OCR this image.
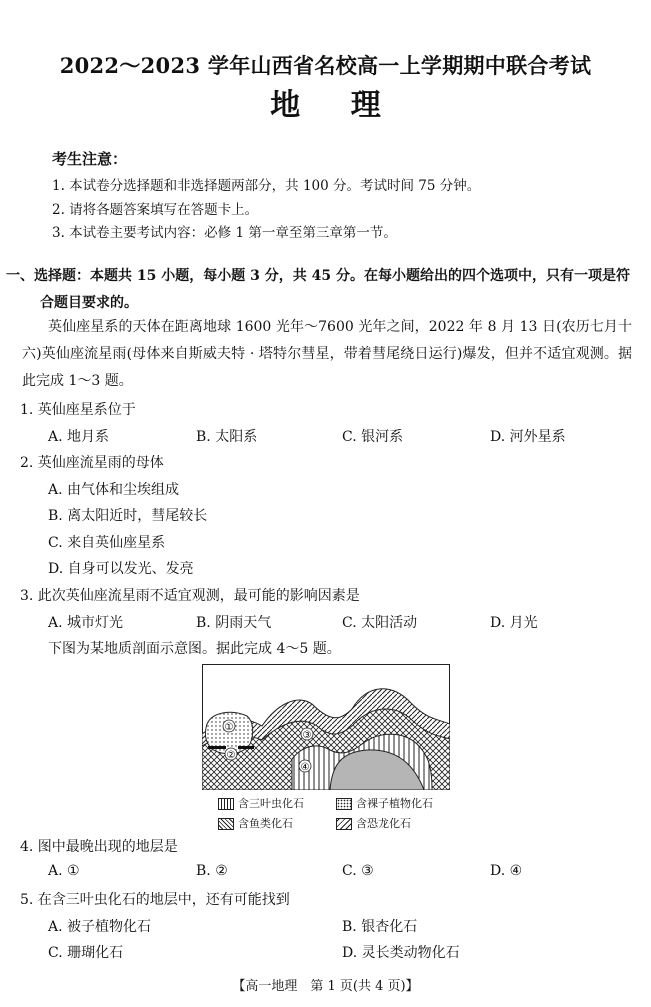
2022～2023 学年山西省名校高一上学期期中联合考试
地 理
考生注意：
1. 本试卷分选择题和非选择题两部分，共 100 分。考试时间 75 分钟。
2. 请将各题答案填写在答题卡上。
3. 本试卷主要考试内容：必修 1 第一章至第三章第一节。
一、选择题：本题共 15 小题，每小题 3 分，共 45 分。在每小题给出的四个选项中，只有一项是符
合题目要求的。
英仙座星系的天体在距离地球 1600 光年～7600 光年之间，2022 年 8 月 13 日(农历七月十六)英仙座流星雨(母体来自斯威夫特 · 塔特尔彗星，带着彗尾绕日运行)爆发，但并不适宜观测。据此完成 1～3 题。
1. 英仙座星系位于
A. 地月系	B. 太阳系	C. 银河系	D. 河外星系
2. 英仙座流星雨的母体
A. 由气体和尘埃组成
B. 离太阳近时，彗尾较长
C. 来自英仙座星系
D. 自身可以发光、发亮
3. 此次英仙座流星雨不适宜观测，最可能的影响因素是
A. 城市灯光	B. 阴雨天气	C. 太阳活动	D. 月光
下图为某地质剖面示意图。据此完成 4～5 题。
①
②
③
④
含三叶虫化石	含裸子植物化石
含鱼类化石	含恐龙化石
4. 图中最晚出现的地层是
A. ①	B. ②	C. ③	D. ④
5. 在含三叶虫化石的地层中，还有可能找到
A. 被子植物化石	B. 银杏化石
C. 珊瑚化石	D. 灵长类动物化石
【高一地理　第 1 页(共 4 页)】
